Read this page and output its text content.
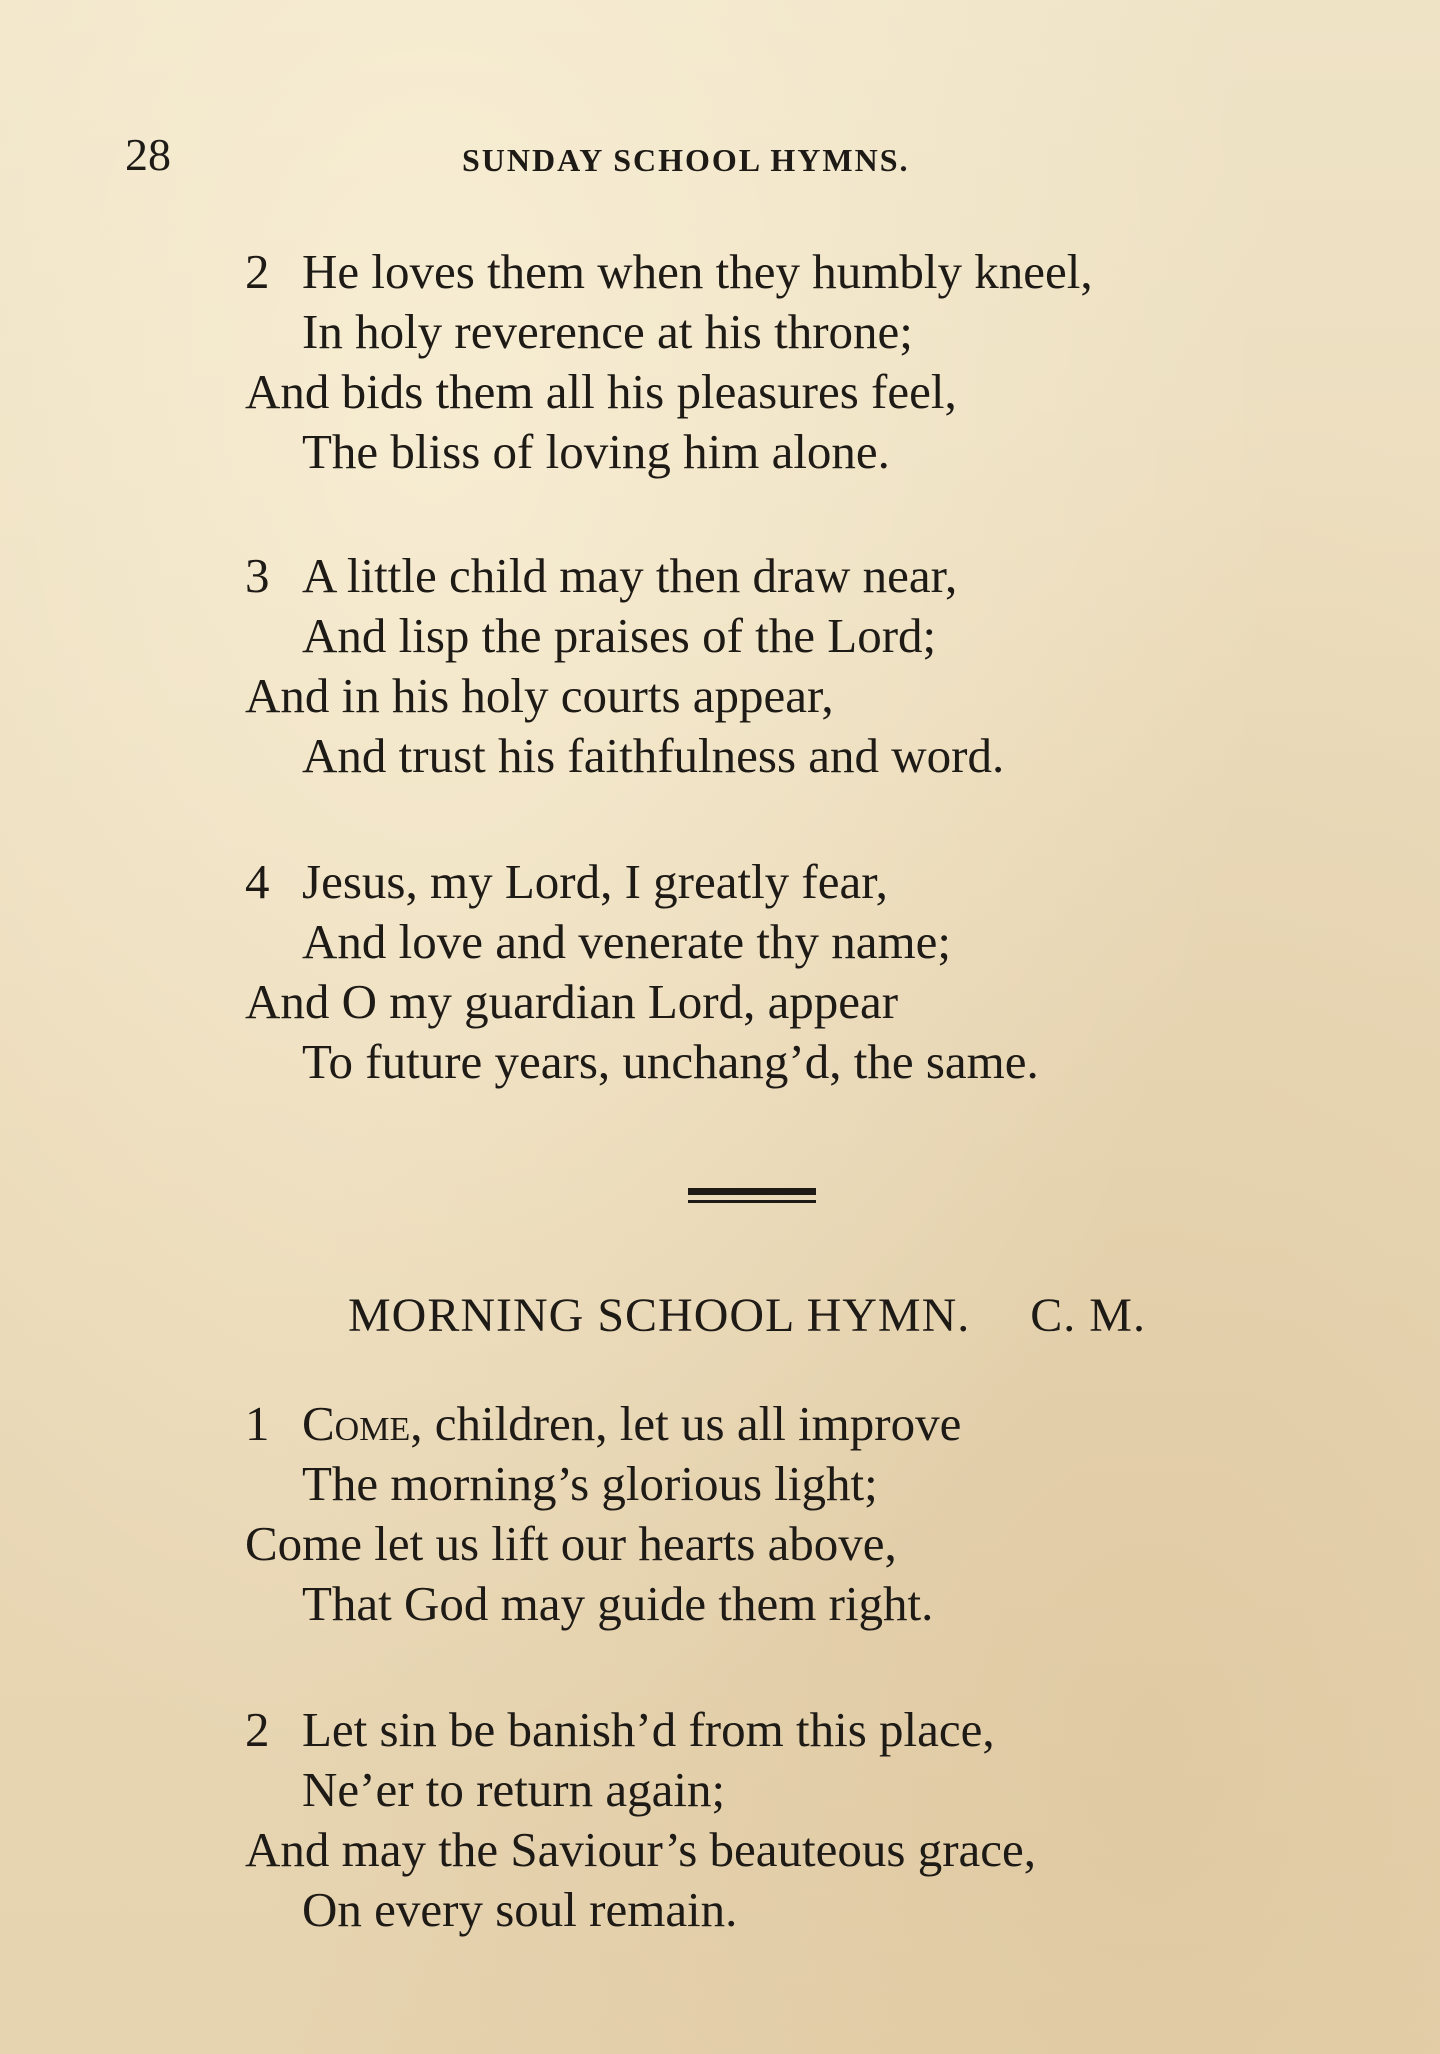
28	SUNDAY SCHOOL HYMNS.
2 He loves them when they humbly kneel,
In holy reverence at his throne;
And bids them all his pleasures feel,
The bliss of loving him alone.
3 A little child may then draw near,
And lisp the praises of the Lord;
And in his holy courts appear,
And trust his faithfulness and word.
4 Jesus, my Lord, I greatly fear,
And love and venerate thy name;
And O my guardian Lord, appear
To future years, unchang’d, the same.
MORNING SCHOOL HYMN. C. M.
1 Come, children, let us all improve
The morning’s glorious light;
Come let us lift our hearts above,
That God may guide them right.
2 Let sin be banish’d from this place,
Ne’er to return again;
And may the Saviour’s beauteous grace,
On every soul remain.
